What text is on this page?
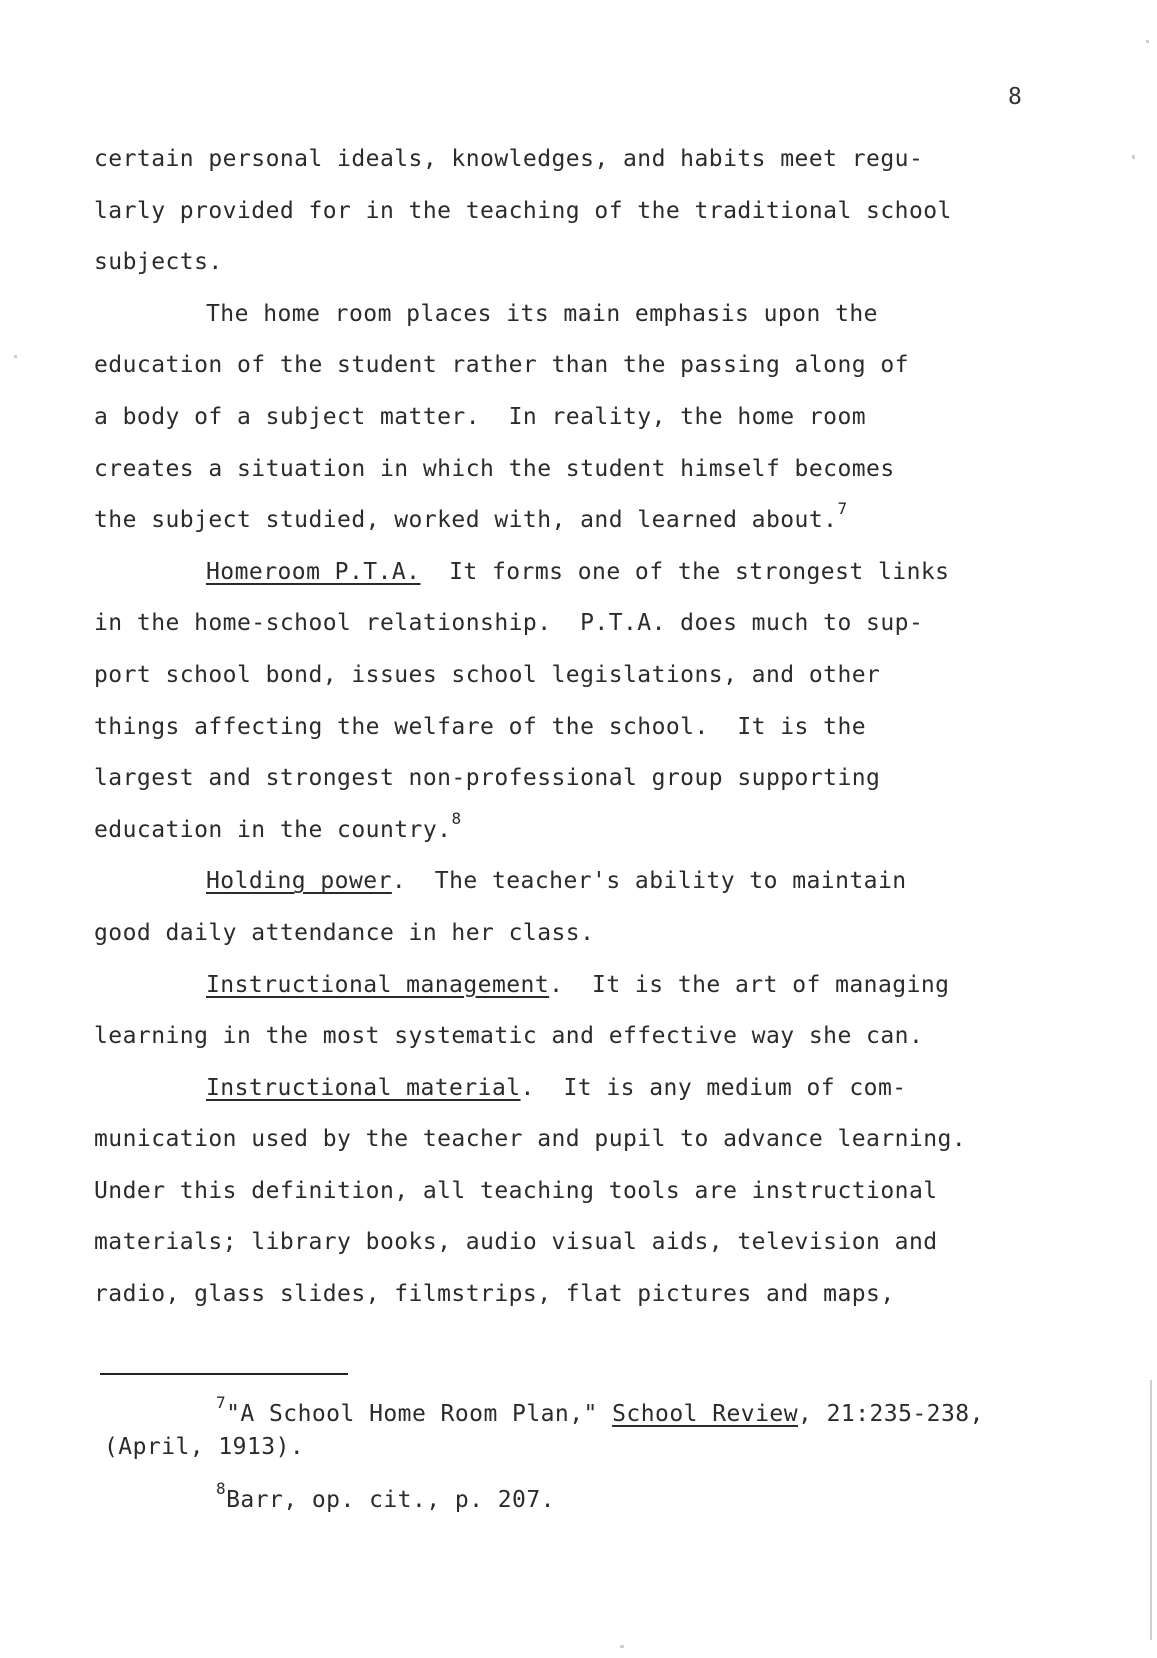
8
certain personal ideals, knowledges, and habits meet regu-
larly provided for in the teaching of the traditional school
subjects.
The home room places its main emphasis upon the
education of the student rather than the passing along of
a body of a subject matter.  In reality, the home room
creates a situation in which the student himself becomes
the subject studied, worked with, and learned about.$^7$
Homeroom P.T.A.  It forms one of the strongest links
in the home-school relationship.  P.T.A. does much to sup-
port school bond, issues school legislations, and other
things affecting the welfare of the school.  It is the
largest and strongest non-professional group supporting
education in the country.$^8$
Holding power.  The teacher's ability to maintain
good daily attendance in her class.
Instructional management.  It is the art of managing
learning in the most systematic and effective way she can.
Instructional material.  It is any medium of com-
munication used by the teacher and pupil to advance learning.
Under this definition, all teaching tools are instructional
materials; library books, audio visual aids, television and
radio, glass slides, filmstrips, flat pictures and maps,
$^7$"A School Home Room Plan," School Review, 21:235-238,
(April, 1913).
$^8$Barr, op. cit., p. 207.
